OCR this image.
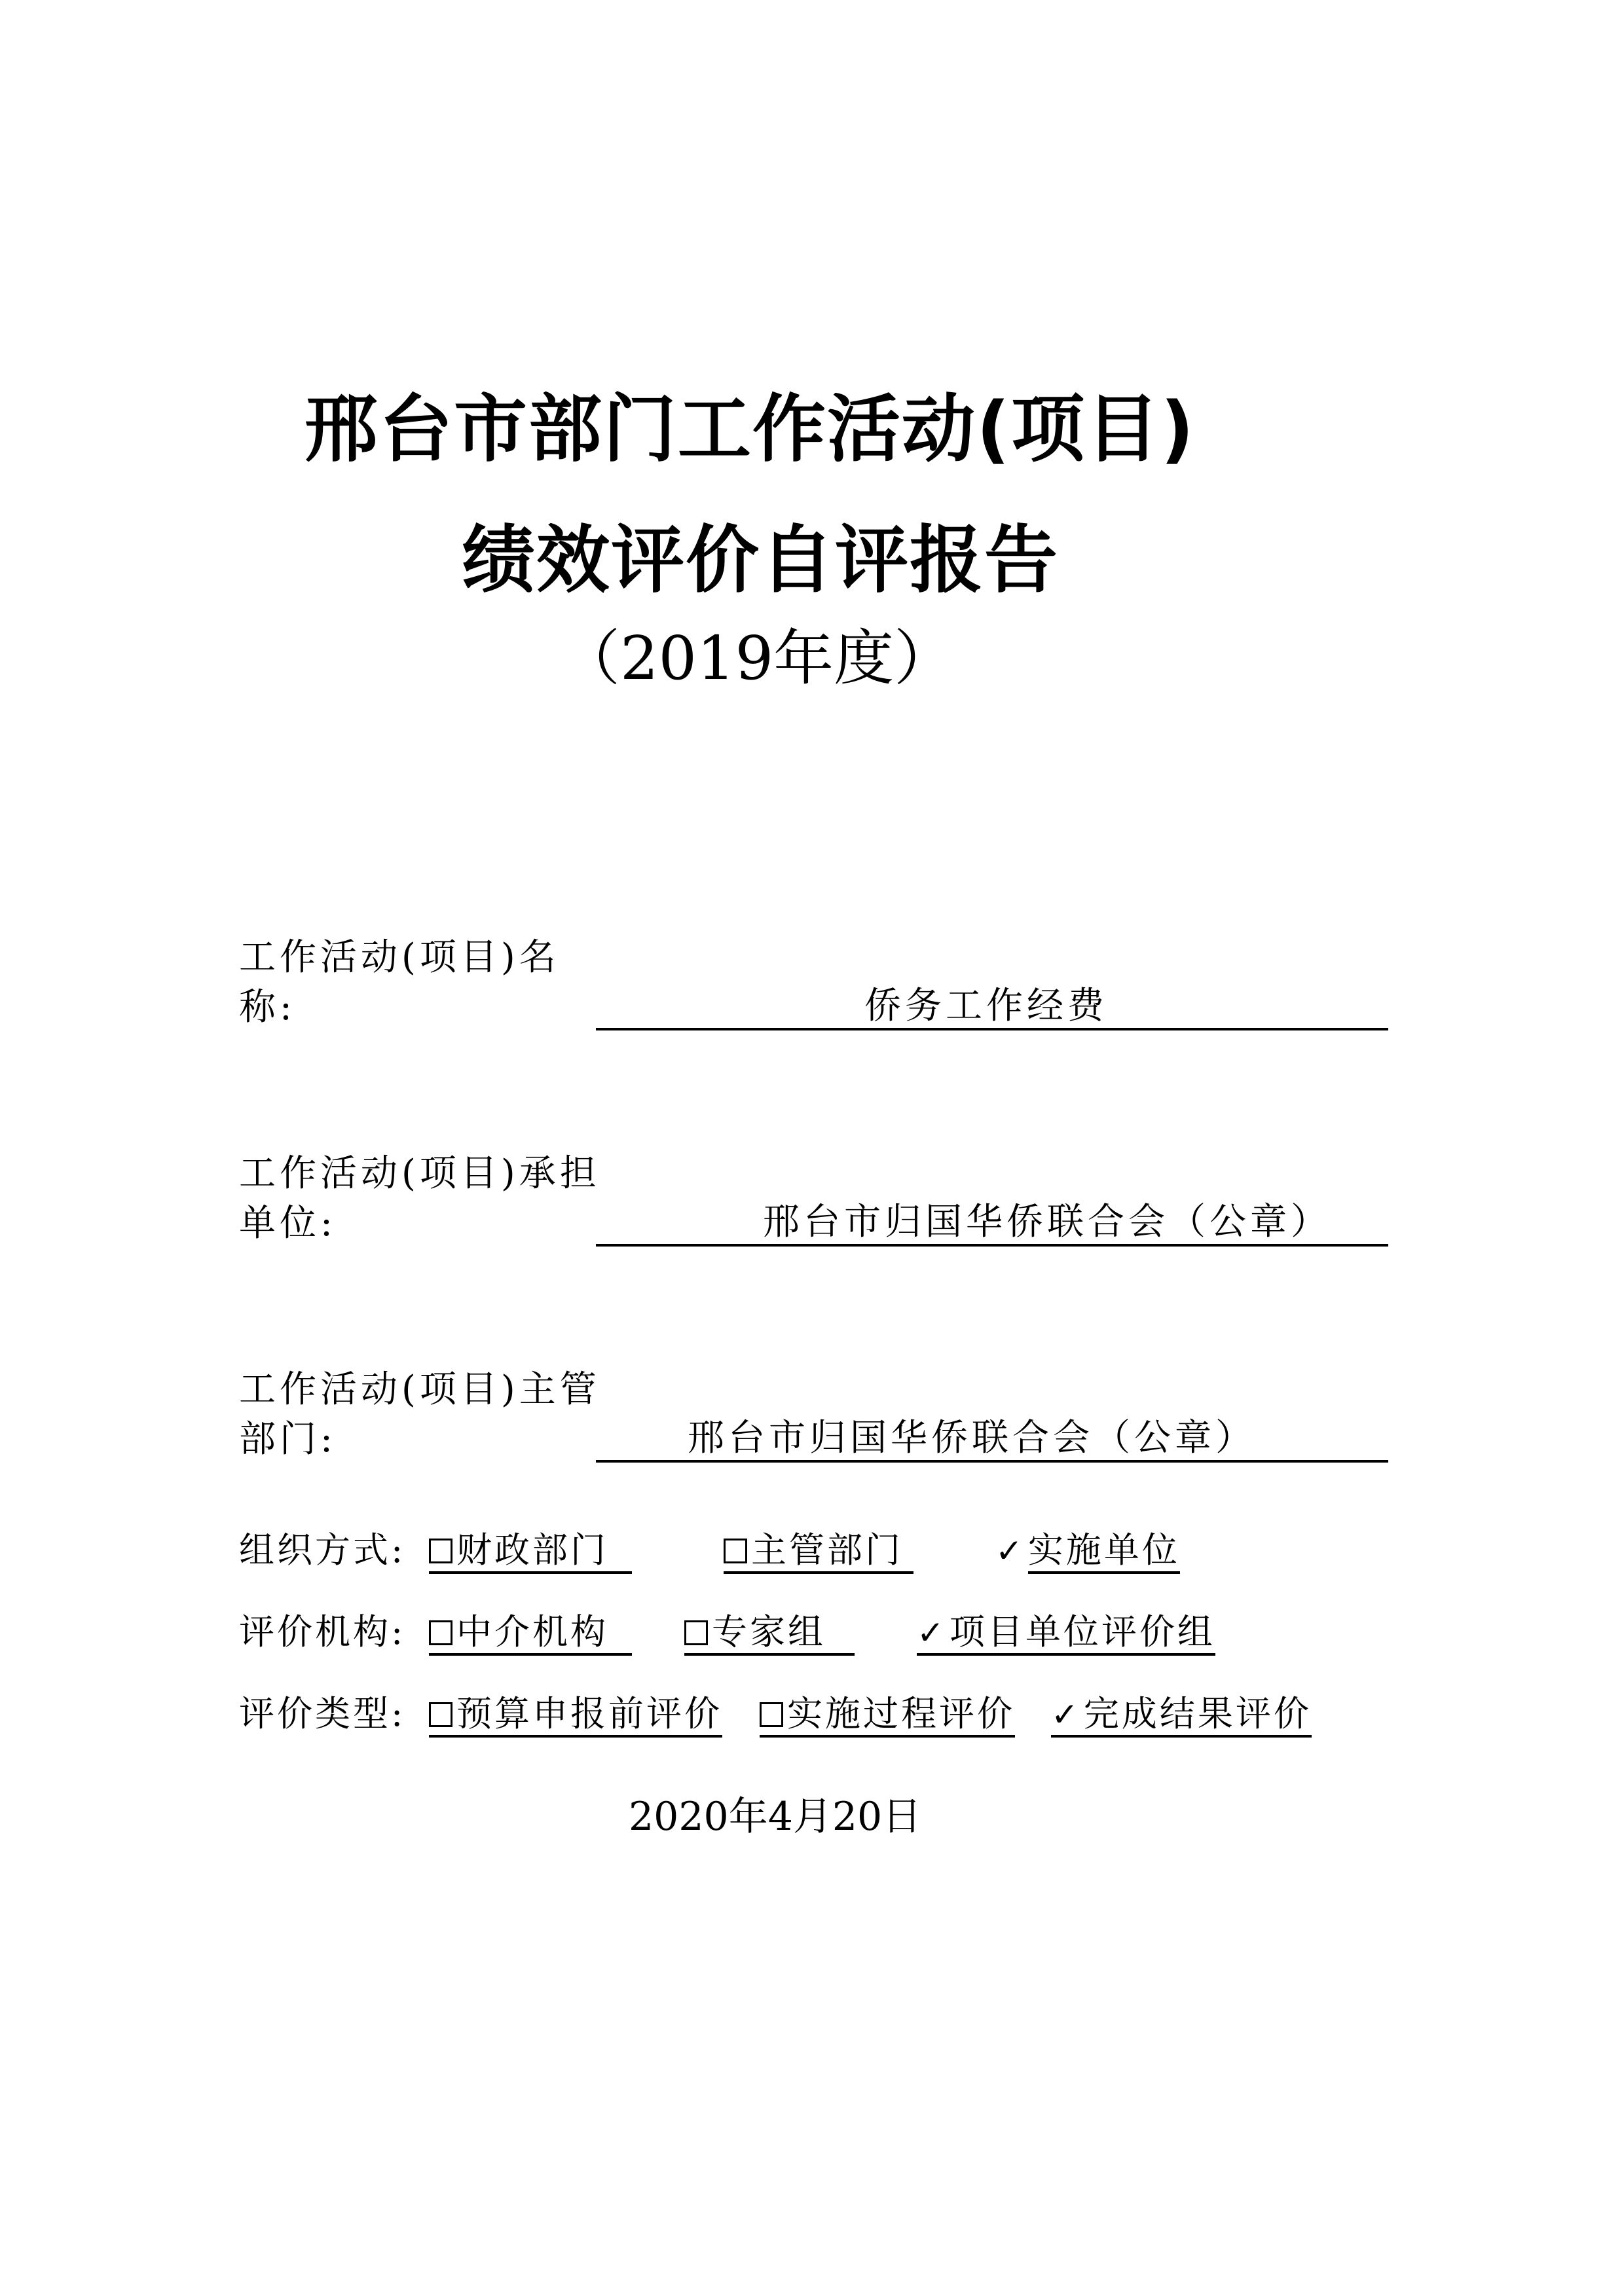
邢台市部门工作活动(项目)
绩效评价自评报告
（2019年度）
工作活动(项目)名称:	侨务工作经费
工作活动(项目)承担单位:	邢台市归国华侨联合会（公章）
工作活动(项目)主管部门:	邢台市归国华侨联合会（公章）
组织方式:	财政部门	主管部门	✓实施单位
评价机构:	中介机构	专家组	✓项目单位评价组
评价类型:	预算申报前评价	实施过程评价 ✓完成结果评价
2020年4月20日
